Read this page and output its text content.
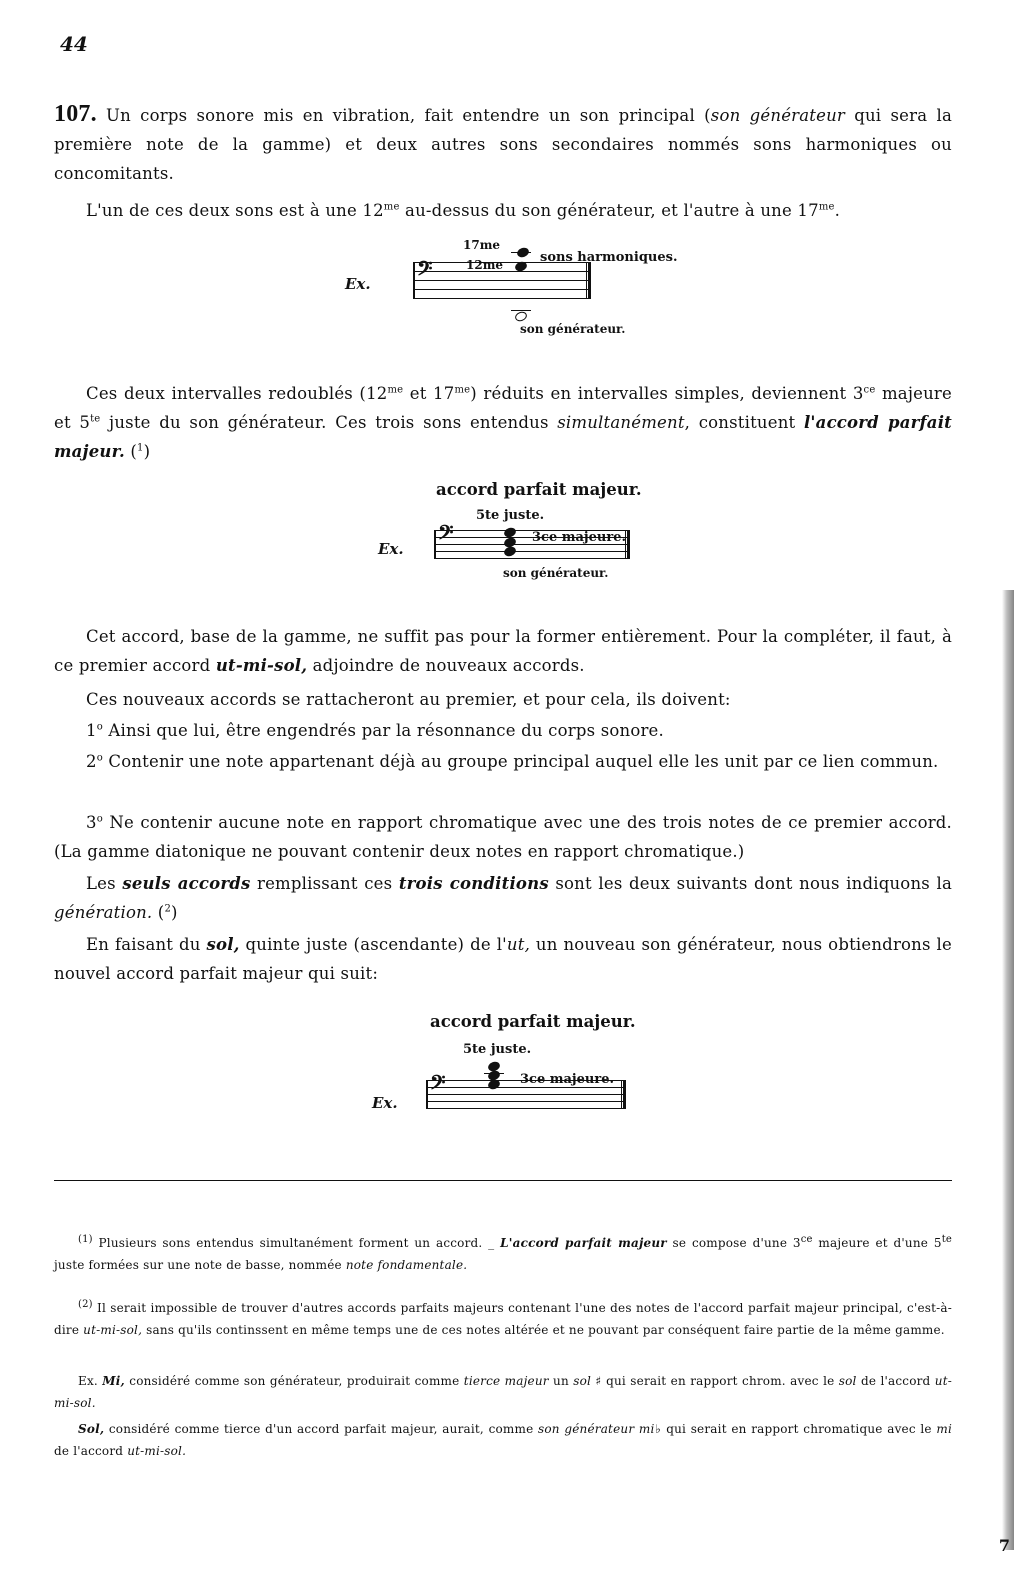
44
7
107. Un corps sonore mis en vibration, fait entendre un son principal (son générateur qui sera la première note de la gamme) et deux autres sons secondaires nommés sons harmoniques ou concomitants.
L'un de ces deux sons est à une $12^{me}$ au-dessus du son générateur, et l'autre à une $17^{me}$.
Ex. 𝄢
17me
12me	sons harmoniques.
son générateur.
Ces deux intervalles redoublés ($12^{me}$ et $17^{me}$) réduits en intervalles simples, deviennent $3^{ce}$ majeure et $5^{te}$ juste du son générateur. Ces trois sons entendus simultanément, constituent l'accord parfait majeur. ($^1$)
accord parfait majeur.
5te juste.
Ex. 𝄢	3ce majeure.
son générateur.
Cet accord, base de la gamme, ne suffit pas pour la former entièrement. Pour la compléter, il faut, à ce premier accord ut-mi-sol, adjoindre de nouveaux accords.
Ces nouveaux accords se rattacheront au premier, et pour cela, ils doivent:
1$^o$ Ainsi que lui, être engendrés par la résonnance du corps sonore.
2$^o$ Contenir une note appartenant déjà au groupe principal auquel elle les unit par ce lien commun.
3$^o$ Ne contenir aucune note en rapport chromatique avec une des trois notes de ce premier accord. (La gamme diatonique ne pouvant contenir deux notes en rapport chromatique.)
Les seuls accords remplissant ces trois conditions sont les deux suivants dont nous indiquons la génération. ($^2$)
En faisant du sol, quinte juste (ascendante) de l'ut, un nouveau son générateur, nous obtiendrons le nouvel accord parfait majeur qui suit:
accord parfait majeur.
5te juste.
Ex.
𝄢	3ce majeure.
$^{(1)}$ Plusieurs sons entendus simultanément forment un accord. _ L'accord parfait majeur se compose d'une $3^{ce}$ majeure et d'une $5^{te}$ juste formées sur une note de basse, nommée note fondamentale.
$^{(2)}$ Il serait impossible de trouver d'autres accords parfaits majeurs contenant l'une des notes de l'accord parfait majeur principal, c'est-à-dire ut-mi-sol, sans qu'ils continssent en même temps une de ces notes altérée et ne pouvant par conséquent faire partie de la même gamme.
Ex. Mi, considéré comme son générateur, produirait comme tierce majeur un sol ♯ qui serait en rapport chrom. avec le sol de l'accord ut-mi-sol.
Sol, considéré comme tierce d'un accord parfait majeur, aurait, comme son générateur mi♭ qui serait en rapport chromatique avec le mi de l'accord ut-mi-sol.
